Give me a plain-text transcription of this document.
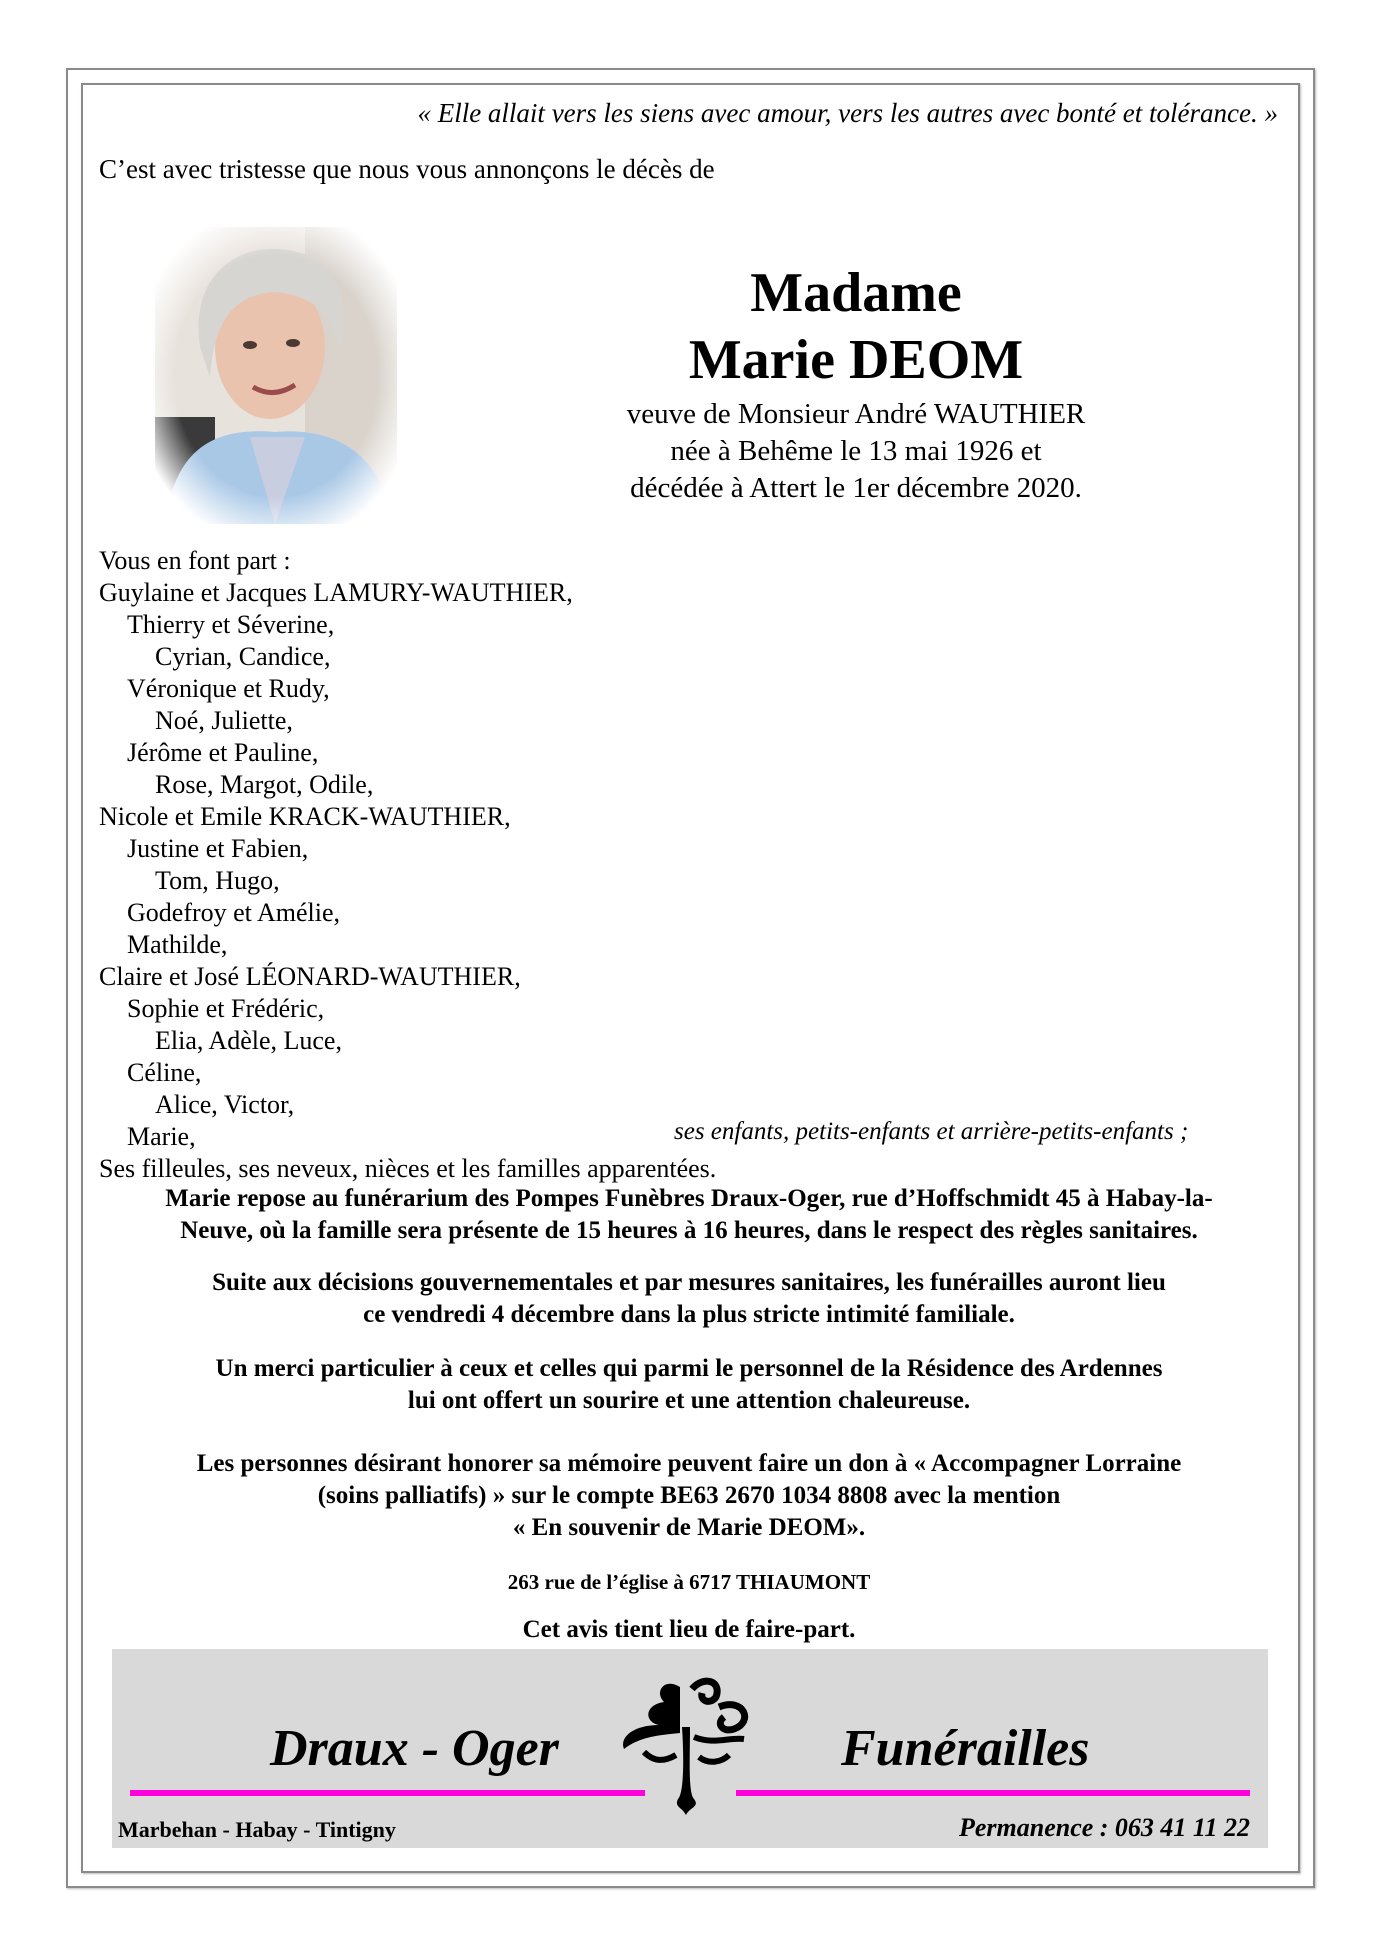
« Elle allait vers les siens avec amour, vers les autres avec bonté et tolérance. »
C’est avec tristesse que nous vous annonçons le décès de
Madame
Marie DEOM
veuve de Monsieur André WAUTHIER
née à Behême le 13 mai 1926 et
décédée à Attert le 1er décembre 2020.
Vous en font part :
Guylaine et Jacques LAMURY-WAUTHIER,
Thierry et Séverine,
Cyrian, Candice,
Véronique et Rudy,
Noé, Juliette,
Jérôme et Pauline,
Rose, Margot, Odile,
Nicole et Emile KRACK-WAUTHIER,
Justine et Fabien,
Tom, Hugo,
Godefroy et Amélie,
Mathilde,
Claire et José LÉONARD-WAUTHIER,
Sophie et Frédéric,
Elia, Adèle, Luce,
Céline,
Alice, Victor,
Marie,
Ses filleules, ses neveux, nièces et les familles apparentées.
ses enfants, petits-enfants et arrière-petits-enfants ;
Marie repose au funérarium des Pompes Funèbres Draux-Oger, rue d’Hoffschmidt 45 à Habay-la-
Neuve, où la famille sera présente de 15 heures à 16 heures, dans le respect des règles sanitaires.
Suite aux décisions gouvernementales et par mesures sanitaires, les funérailles auront lieu
ce vendredi 4 décembre dans la plus stricte intimité familiale.
Un merci particulier à ceux et celles qui parmi le personnel de la Résidence des Ardennes
lui ont offert un sourire et une attention chaleureuse.
Les personnes désirant honorer sa mémoire peuvent faire un don à « Accompagner Lorraine
(soins palliatifs) » sur le compte BE63 2670 1034 8808 avec la mention
« En souvenir de Marie DEOM».
263 rue de l’église à 6717 THIAUMONT
Cet avis tient lieu de faire-part.
Draux - Oger	Funérailles
Marbehan - Habay - Tintigny	Permanence : 063 41 11 22
